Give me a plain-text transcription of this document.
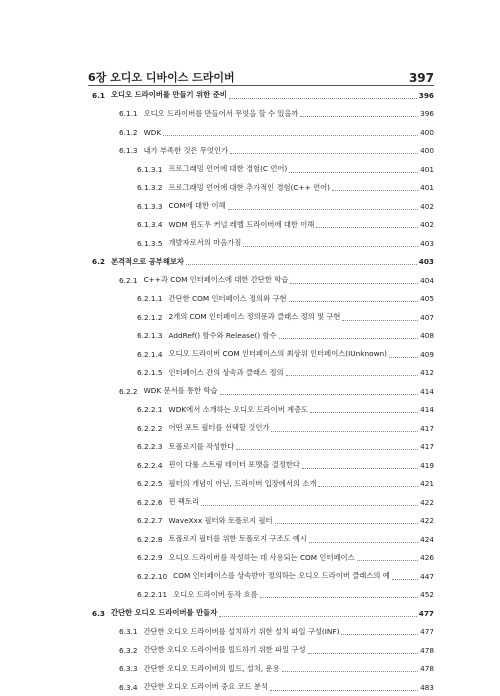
6장 오디오 디바이스 드라이버	397
6.1 오디오 드라이버를 만들기 위한 준비	396
6.1.1 오디오 드라이버를 만들어서 무엇을 할 수 있을까	396
6.1.2 WDK	400
6.1.3 내가 부족한 것은 무엇인가	400
6.1.3.1 프로그래밍 언어에 대한 경험(C 언어)	401
6.1.3.2 프로그래밍 언어에 대한 추가적인 경험(C++ 언어)	401
6.1.3.3 COM에 대한 이해	402
6.1.3.4 WDM 윈도우 커널 레벨 드라이버에 대한 이해	402
6.1.3.5 개발자로서의 마음가짐	403
6.2 본격적으로 공부해보자	403
6.2.1 C++과 COM 인터페이스에 대한 간단한 학습	404
6.2.1.1 간단한 COM 인터페이스 정의와 구현	405
6.2.1.2 2개의 COM 인터페이스 정의문과 클래스 정의 및 구현	407
6.2.1.3 AddRef() 함수와 Release() 함수	408
6.2.1.4 오디오 드라이버 COM 인터페이스의 최상위 인터페이스(IUnknown)	409
6.2.1.5 인터페이스 간의 상속과 클래스 정의	412
6.2.2 WDK 문서를 통한 학습	414
6.2.2.1 WDK에서 소개하는 오디오 드라이버 계층도	414
6.2.2.2 어떤 포트 필터를 선택할 것인가	417
6.2.2.3 토폴로지를 작성한다	417
6.2.2.4 핀이 다룰 스트림 데이터 포맷을 결정한다	419
6.2.2.5 필터의 개념이 아닌, 드라이버 입장에서의 소개	421
6.2.2.6 핀 팩토리	422
6.2.2.7 WaveXxx 필터와 토폴로지 필터	422
6.2.2.8 토폴로지 필터를 위한 토폴로지 구조도 예시	424
6.2.2.9 오디오 드라이버를 작성하는 데 사용되는 COM 인터페이스	426
6.2.2.10 COM 인터페이스를 상속받아 정의하는 오디오 드라이버 클래스의 예	447
6.2.2.11 오디오 드라이버 동작 흐름	452
6.3 간단한 오디오 드라이버를 만들자	477
6.3.1 간단한 오디오 드라이버를 설치하기 위한 설치 파일 구성(INF)	477
6.3.2 간단한 오디오 드라이버를 빌드하기 위한 파일 구성	478
6.3.3 간단한 오디오 드라이버의 빌드, 설치, 운용	478
6.3.4 간단한 오디오 드라이버 중요 코드 분석	483
